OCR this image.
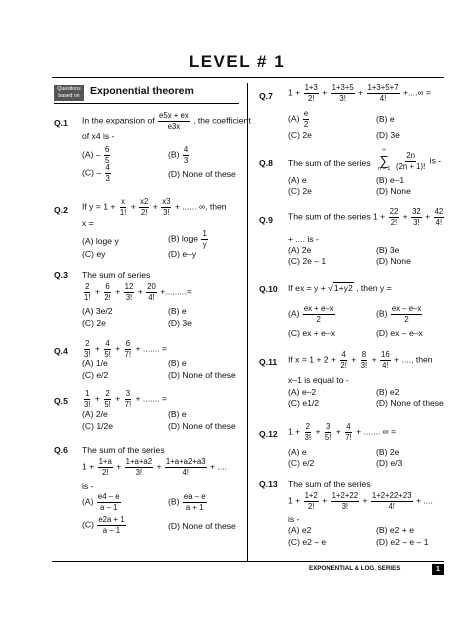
LEVEL # 1
Questions
based on Exponential theorem
Q.1 In the expansion of $\frac{e5x + ex}{e3x}$ , the coefficient
of x4 is -
$(A) - \frac{6}{5}$	$(B) \frac{4}{3}$
$(C) - \frac{4}{3}$	(D) None of these
Q.2 If $y = 1 + \frac{x}{1!} + \frac{x2}{2!} + \frac{x3}{3!}$ + ...... ∞, then
x =
(A) loge y	(B) loge $\frac{1}{y}$
(C) ey	(D) e–y
Q.3 The sum of series
$\frac{2}{1!} + \frac{6}{2!} + \frac{12}{3!} + \frac{20}{4!}$ +.........=
(A) 3e/2	(B) e
(C) 2e	(D) 3e
$Q.4 \frac{2}{3!} + \frac{4}{5!} + \frac{6}{7!}$ + ....... =
(A) 1/e	(B) e
(C) e/2	(D) None of these
$Q.5 \frac{1}{3!} + \frac{2}{5!} + \frac{3}{7!}$ + ....... =
(A) 2/e	(B) e
(C) 1/2e	(D) None of these
Q.6 The sum of the series
$1 + \frac{1+a}{2!} + \frac{1+a+a2}{3!} + \frac{1+a+a2+a3}{4!}$ + ....
is -
$(A) \frac{e4 - e}{a - 1}$	$(B) \frac{ea - e}{a + 1}$
$(C) \frac{e2a + 1}{a - 1}$	(D) None of these
Q.7 $1 + \frac{1+3}{2!} + \frac{1+3+5}{3!} + \frac{1+3+5+7}{4!}$ +....∞ =
$(A) \frac{e}{2}$	(B) e
(C) 2e	(D) 3e
Q.8 The sum of the series
∞
∑
$n = 1 \frac{2n}{(2n + 1)!}$ is -
(A) e	(B) e–1
(C) 2e	(D) None
Q.9 The sum of the series $1 + \frac{22}{2!} + \frac{32}{3!} + \frac{42}{4!}$
+ .... is -
(A) 2e	(B) 3e
(C) 2e – 1	(D) None
Q.10 If ex = y + √1+y2 , then y =
$(A) \frac{ex + e-x}{2}$	$(B) \frac{ex - e-x}{2}$
(C) ex + e–x	(D) ex – e–x
Q.11 If $x = 1 + 2 + \frac{4}{2!} + \frac{8}{3!} + \frac{16}{4!}$ + ...., then
x–1 is equal to -
(A) e–2	(B) e2
(C) e1/2	(D) None of these
Q.12 $1 + \frac{2}{3!} + \frac{3}{5!} + \frac{4}{7!}$ + ....... ∞ =
(A) e	(B) 2e
(C) e/2	(D) e/3
Q.13 The sum of the series
$1 + \frac{1+2}{2!} + \frac{1+2+22}{3!} + \frac{1+2+22+23}{4!}$ + ....
is -
(A) e2	(B) e2 + e
(C) e2 – e	(D) e2 – e – 1
EXPONENTIAL & LOG. SERIES	1
